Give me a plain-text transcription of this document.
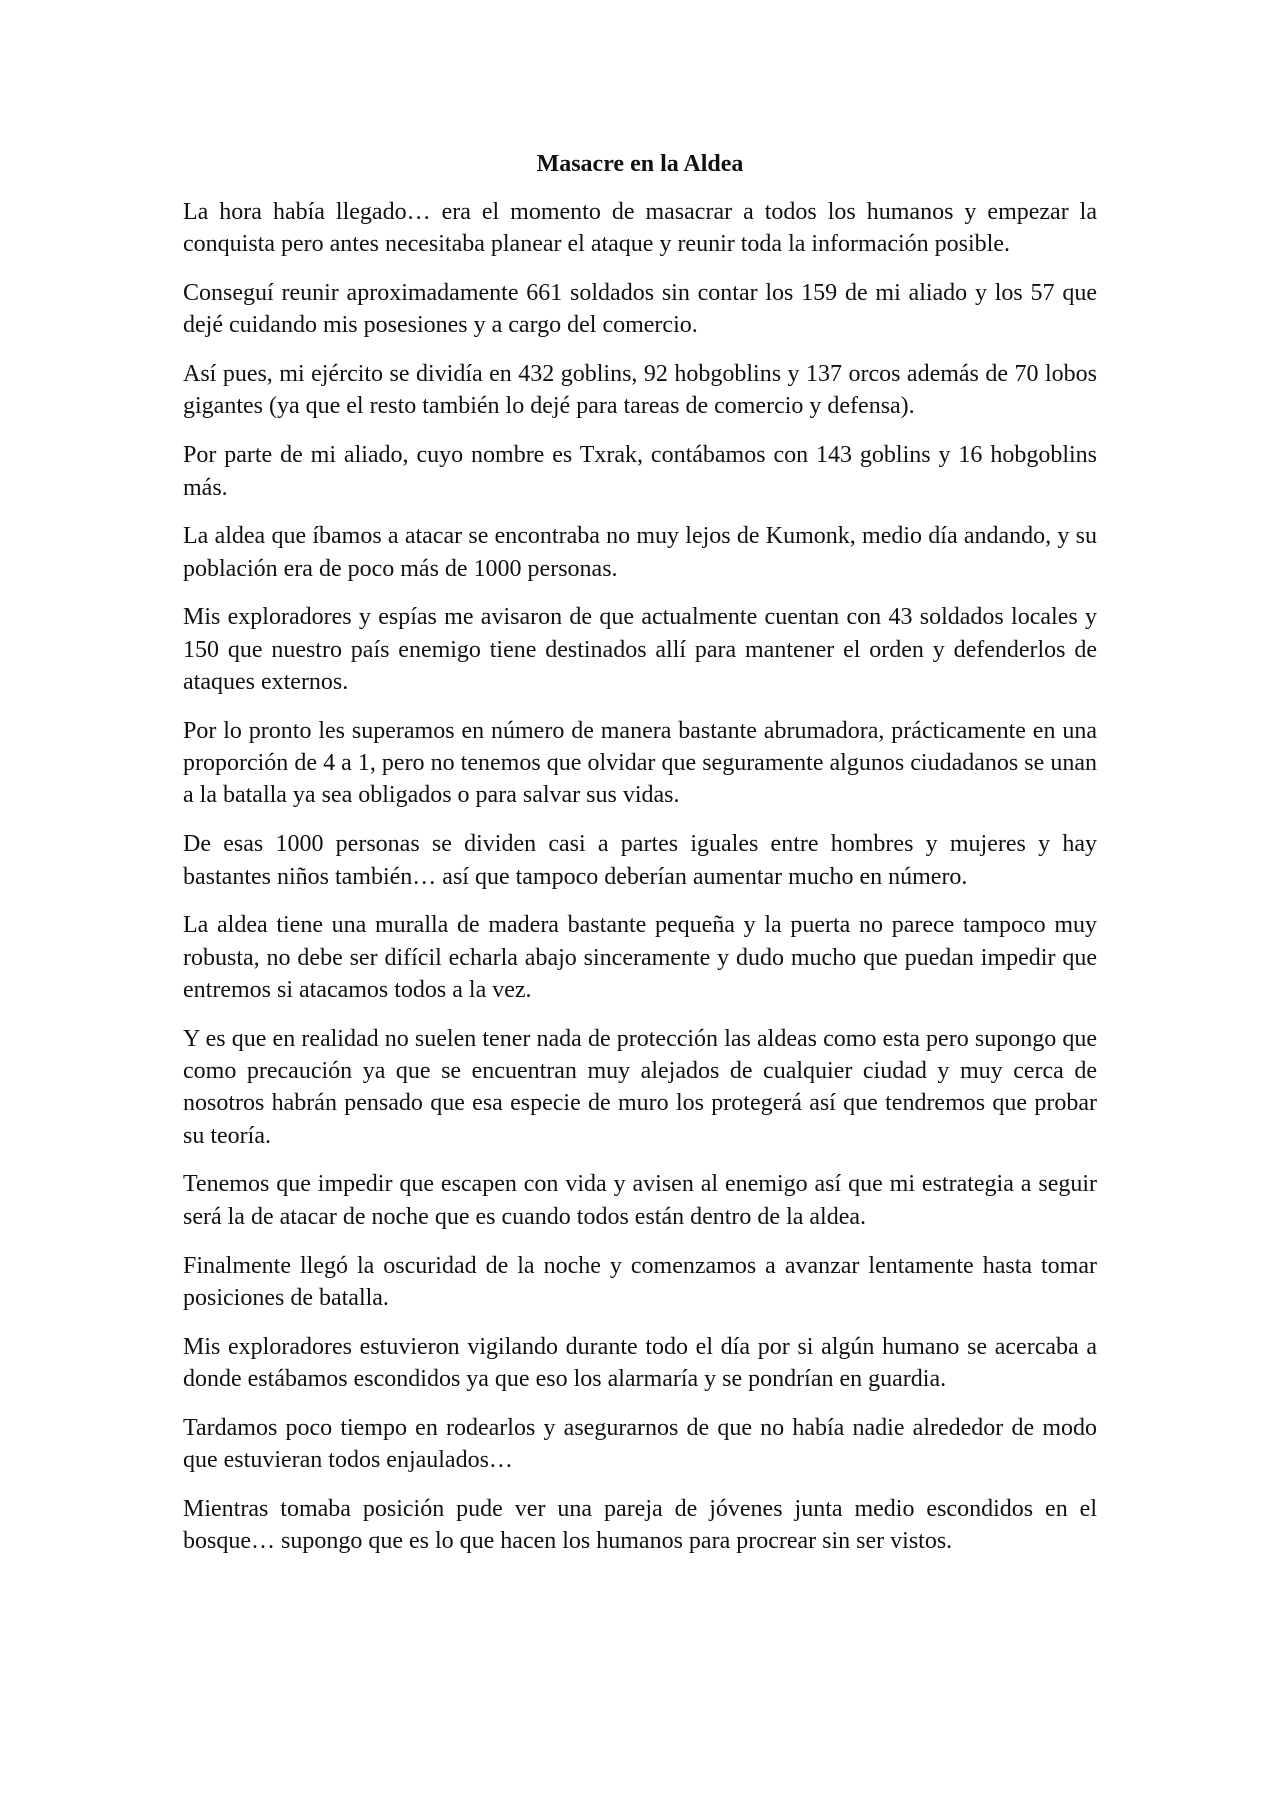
Masacre en la Aldea

La hora había llegado… era el momento de masacrar a todos los humanos y empezar la conquista pero antes necesitaba planear el ataque y reunir toda la información posible.

Conseguí reunir aproximadamente 661 soldados sin contar los 159 de mi aliado y los 57 que dejé cuidando mis posesiones y a cargo del comercio.

Así pues, mi ejército se dividía en 432 goblins, 92 hobgoblins y 137 orcos además de 70 lobos gigantes (ya que el resto también lo dejé para tareas de comercio y defensa).

Por parte de mi aliado, cuyo nombre es Txrak, contábamos con 143 goblins y 16 hobgoblins más.

La aldea que íbamos a atacar se encontraba no muy lejos de Kumonk, medio día andando, y su población era de poco más de 1000 personas.

Mis exploradores y espías me avisaron de que actualmente cuentan con 43 soldados locales y 150 que nuestro país enemigo tiene destinados allí para mantener el orden y defenderlos de ataques externos.

Por lo pronto les superamos en número de manera bastante abrumadora, prácticamente en una proporción de 4 a 1, pero no tenemos que olvidar que seguramente algunos ciudadanos se unan a la batalla ya sea obligados o para salvar sus vidas.

De esas 1000 personas se dividen casi a partes iguales entre hombres y mujeres y hay bastantes niños también… así que tampoco deberían aumentar mucho en número.

La aldea tiene una muralla de madera bastante pequeña y la puerta no parece tampoco muy robusta, no debe ser difícil echarla abajo sinceramente y dudo mucho que puedan impedir que entremos si atacamos todos a la vez.

Y es que en realidad no suelen tener nada de protección las aldeas como esta pero supongo que como precaución ya que se encuentran muy alejados de cualquier ciudad y muy cerca de nosotros habrán pensado que esa especie de muro los protegerá así que tendremos que probar su teoría.

Tenemos que impedir que escapen con vida y avisen al enemigo así que mi estrategia a seguir será la de atacar de noche que es cuando todos están dentro de la aldea.

Finalmente llegó la oscuridad de la noche y comenzamos a avanzar lentamente hasta tomar posiciones de batalla.

Mis exploradores estuvieron vigilando durante todo el día por si algún humano se acercaba a donde estábamos escondidos ya que eso los alarmaría y se pondrían en guardia.

Tardamos poco tiempo en rodearlos y asegurarnos de que no había nadie alrededor de modo que estuvieran todos enjaulados…

Mientras tomaba posición pude ver una pareja de jóvenes junta medio escondidos en el bosque… supongo que es lo que hacen los humanos para procrear sin ser vistos.
